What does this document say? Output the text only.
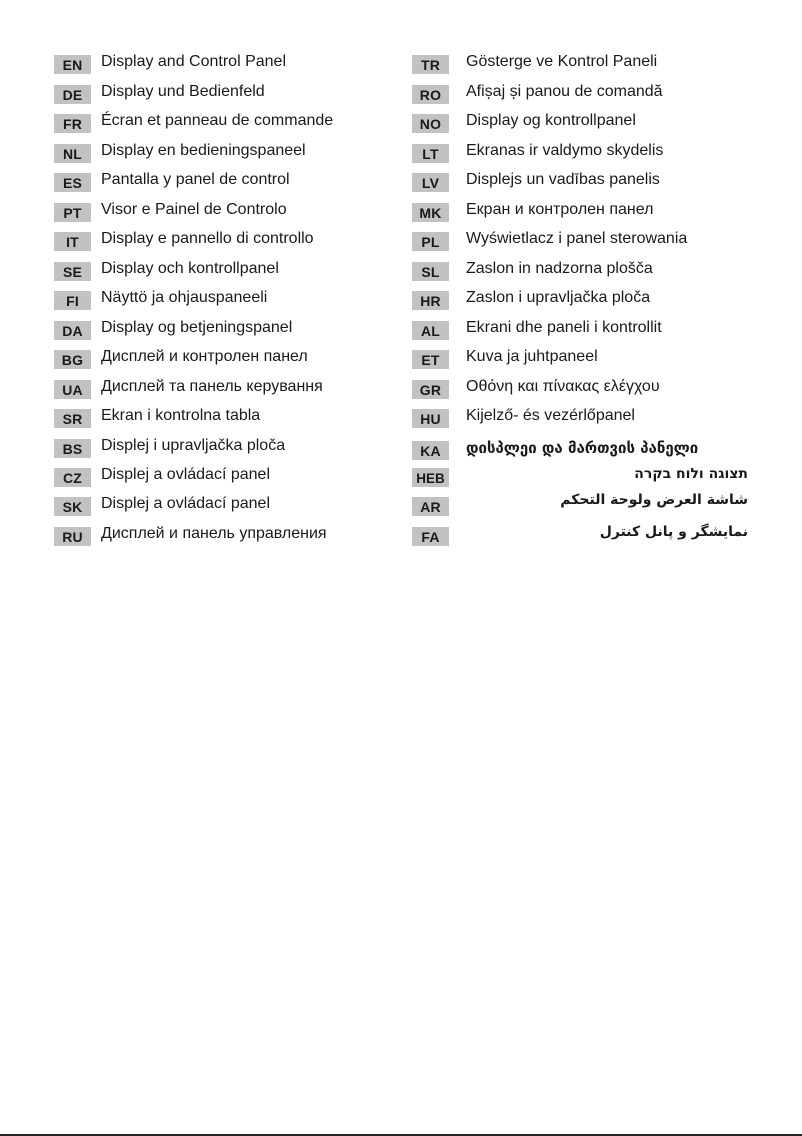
EN	Display and Control Panel
DE	Display und Bedienfeld
FR	Écran et panneau de commande
NL	Display en bedieningspaneel
ES	Pantalla y panel de control
PT	Visor e Painel de Controlo
IT	Display e pannello di controllo
SE	Display och kontrollpanel
FI	Näyttö ja ohjauspaneeli
DA	Display og betjeningspanel
BG	Дисплей и контролен панел
UA	Дисплей та панель керування
SR	Ekran i kontrolna tabla
BS	Displej i upravljačka ploča
CZ	Displej a ovládací panel
SK	Displej a ovládací panel
RU	Дисплей и панель управления
TR	Gösterge ve Kontrol Paneli
RO	Afișaj și panou de comandă
NO	Display og kontrollpanel
LT	Ekranas ir valdymo skydelis
LV	Displejs un vadības panelis
MK	Екран и контролен панел
PL	Wyświetlacz i panel sterowania
SL	Zaslon in nadzorna plošča
HR	Zaslon i upravljačka ploča
AL	Ekrani dhe paneli i kontrollit
ET	Kuva ja juhtpaneel
GR	Οθόνη και πίνακας ελέγχου
HU	Kijelző- és vezérlőpanel
KA	დისპლეი და მართვის პანელი
HEB	תצוגה ולוח בקרה
AR	شاشة العرض ولوحة التحكم
FA	نمایشگر و پانل کنترل
